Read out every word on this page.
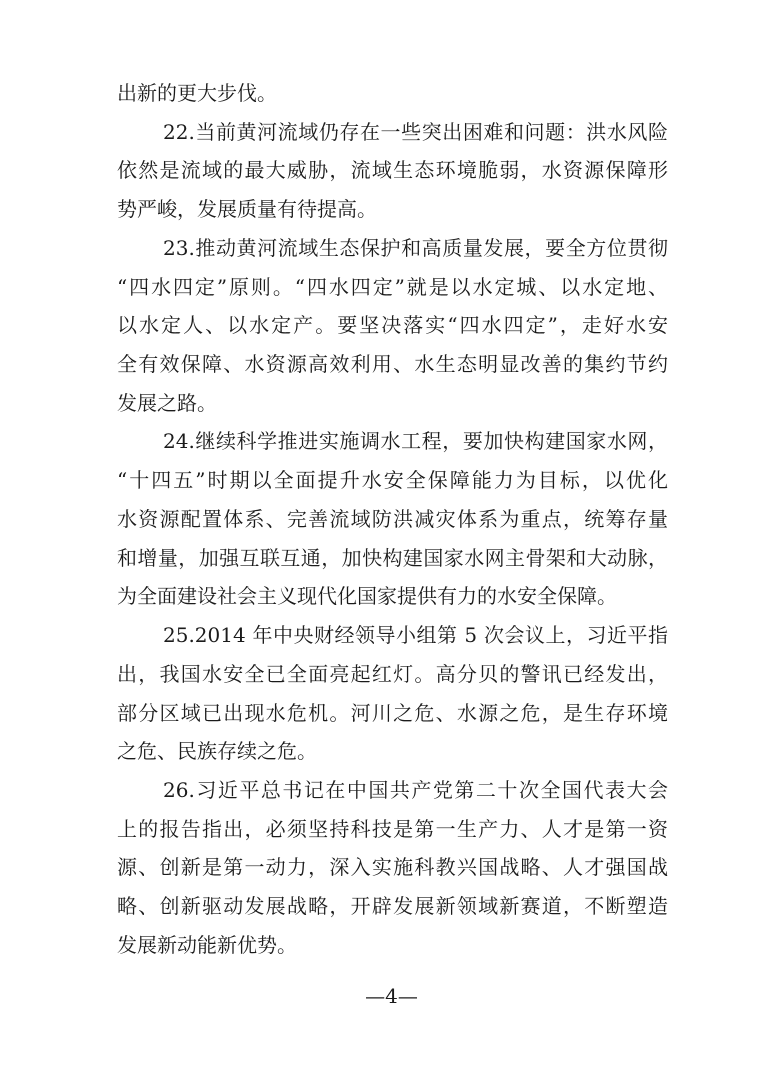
出新的更大步伐。
22.当前黄河流域仍存在一些突出困难和问题：洪水风险
依然是流域的最大威胁，流域生态环境脆弱，水资源保障形
势严峻，发展质量有待提高。
23.推动黄河流域生态保护和高质量发展，要全方位贯彻
“四水四定”原则。“四水四定”就是以水定城、以水定地、
以水定人、以水定产。要坚决落实“四水四定”，走好水安
全有效保障、水资源高效利用、水生态明显改善的集约节约
发展之路。
24.继续科学推进实施调水工程，要加快构建国家水网，
“十四五”时期以全面提升水安全保障能力为目标，以优化
水资源配置体系、完善流域防洪减灾体系为重点，统筹存量
和增量，加强互联互通，加快构建国家水网主骨架和大动脉，
为全面建设社会主义现代化国家提供有力的水安全保障。
25.2014 年中央财经领导小组第 5 次会议上，习近平指
出，我国水安全已全面亮起红灯。高分贝的警讯已经发出，
部分区域已出现水危机。河川之危、水源之危，是生存环境
之危、民族存续之危。
26.习近平总书记在中国共产党第二十次全国代表大会
上的报告指出，必须坚持科技是第一生产力、人才是第一资
源、创新是第一动力，深入实施科教兴国战略、人才强国战
略、创新驱动发展战略，开辟发展新领域新赛道，不断塑造
发展新动能新优势。
—4—
